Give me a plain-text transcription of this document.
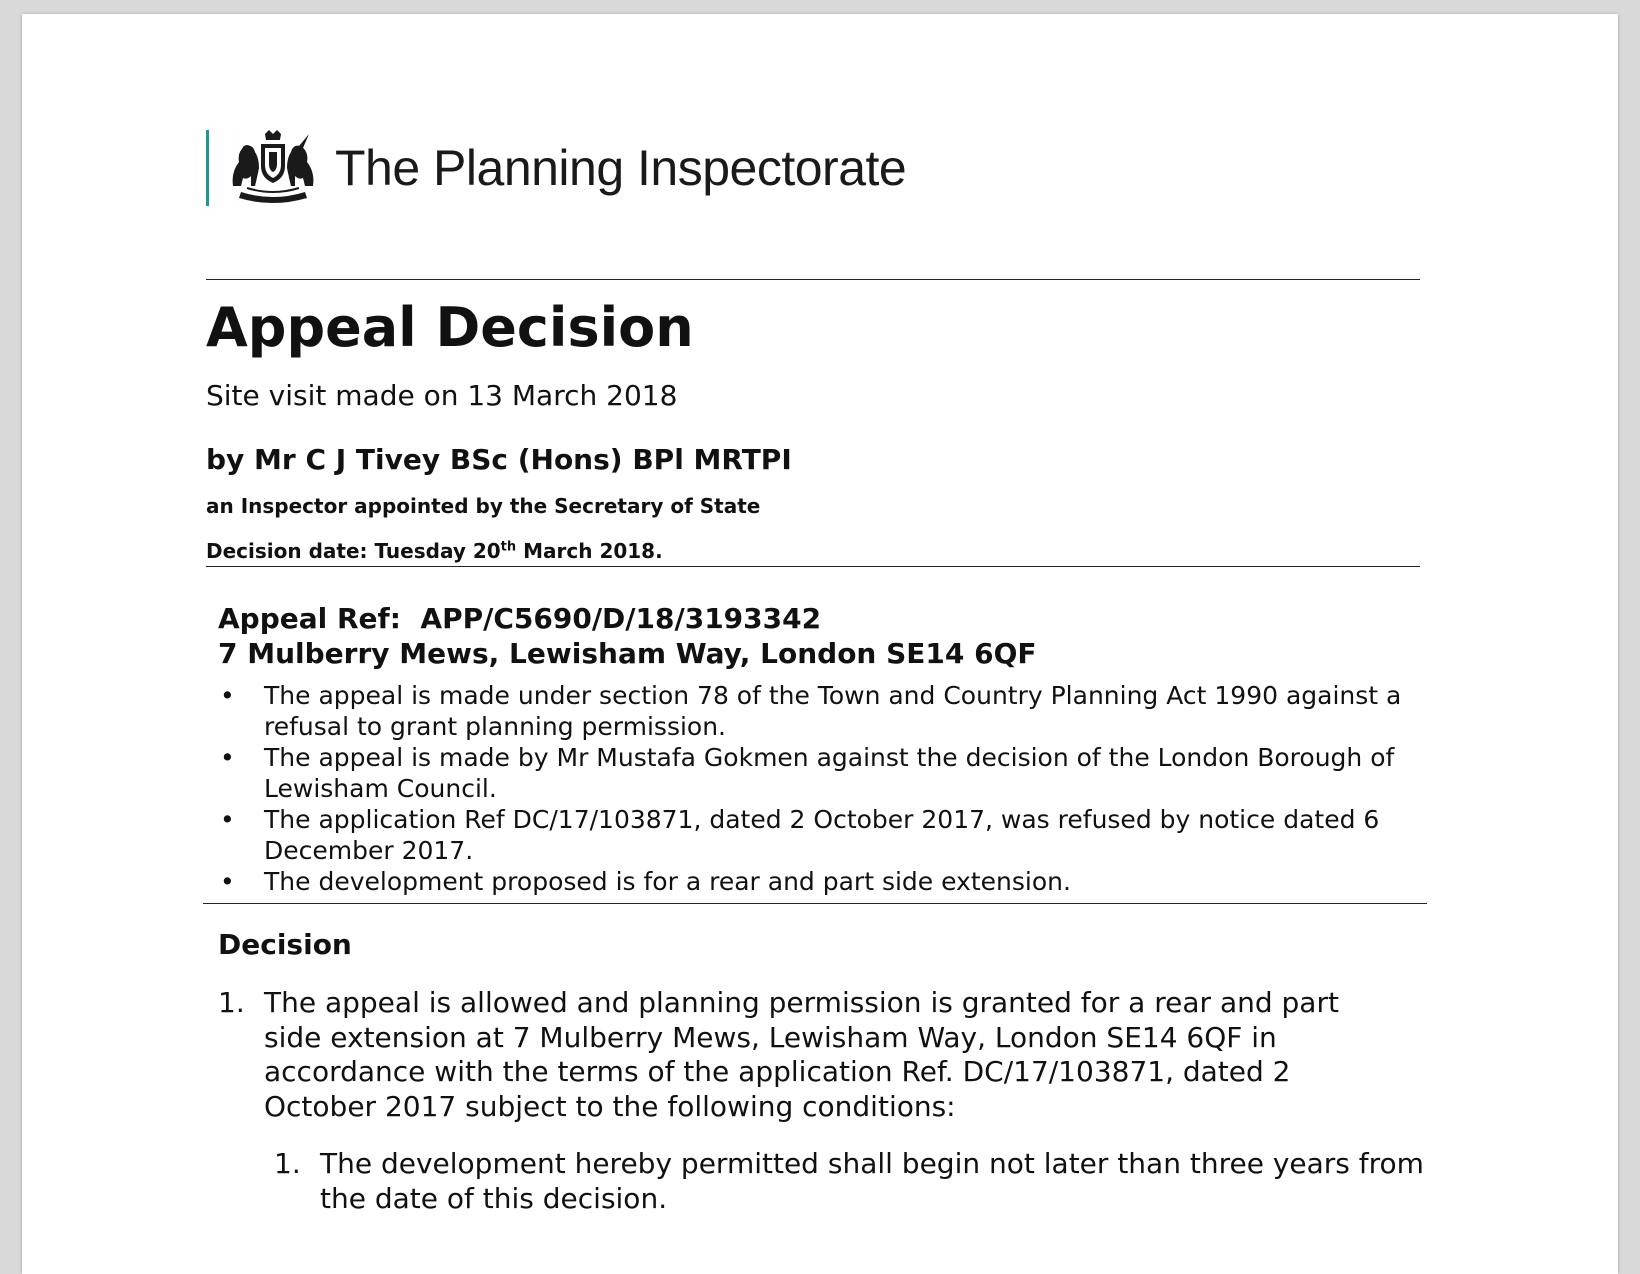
The Planning Inspectorate
Appeal Decision
Site visit made on 13 March 2018
by Mr C J Tivey BSc (Hons) BPl MRTPI
an Inspector appointed by the Secretary of State
Decision date: Tuesday 20th March 2018.
Appeal Ref:  APP/C5690/D/18/3193342
7 Mulberry Mews, Lewisham Way, London SE14 6QF
• The appeal is made under section 78 of the Town and Country Planning Act 1990 against a refusal to grant planning permission.
• The appeal is made by Mr Mustafa Gokmen against the decision of the London Borough of Lewisham Council.
• The application Ref DC/17/103871, dated 2 October 2017, was refused by notice dated 6 December 2017.
• The development proposed is for a rear and part side extension.
Decision
1. The appeal is allowed and planning permission is granted for a rear and part side extension at 7 Mulberry Mews, Lewisham Way, London SE14 6QF in accordance with the terms of the application Ref. DC/17/103871, dated 2 October 2017 subject to the following conditions:
1. The development hereby permitted shall begin not later than three years from the date of this decision.
